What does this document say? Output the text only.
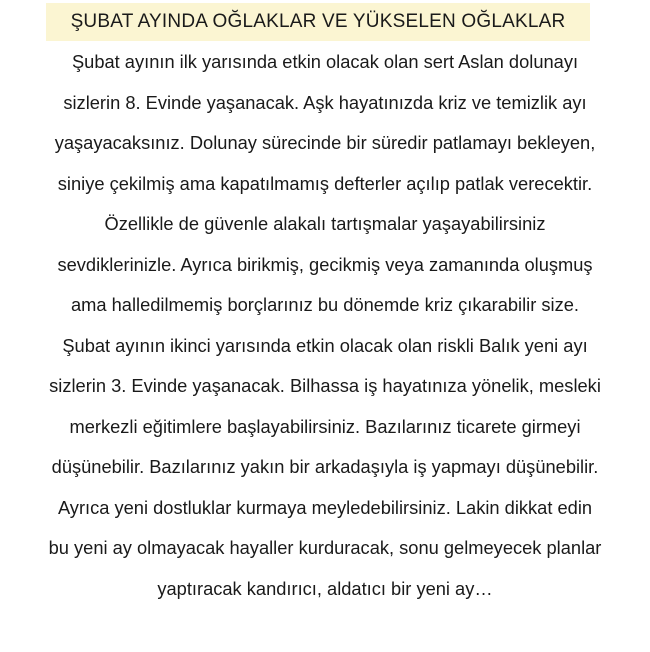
ŞUBAT AYINDA OĞLAKLAR VE YÜKSELEN OĞLAKLAR
Şubat ayının ilk yarısında etkin olacak olan sert Aslan dolunayı
sizlerin 8. Evinde yaşanacak. Aşk hayatınızda kriz ve temizlik ayı
yaşayacaksınız. Dolunay sürecinde bir süredir patlamayı bekleyen,
siniye çekilmiş ama kapatılmamış defterler açılıp patlak verecektir.
Özellikle de güvenle alakalı tartışmalar yaşayabilirsiniz
sevdiklerinizle. Ayrıca birikmiş, gecikmiş veya zamanında oluşmuş
ama halledilmemiş borçlarınız bu dönemde kriz çıkarabilir size.
Şubat ayının ikinci yarısında etkin olacak olan riskli Balık yeni ayı
sizlerin 3. Evinde yaşanacak. Bilhassa iş hayatınıza yönelik, mesleki
merkezli eğitimlere başlayabilirsiniz. Bazılarınız ticarete girmeyi
düşünebilir. Bazılarınız yakın bir arkadaşıyla iş yapmayı düşünebilir.
Ayrıca yeni dostluklar kurmaya meyledebilirsiniz. Lakin dikkat edin
bu yeni ay olmayacak hayaller kurduracak, sonu gelmeyecek planlar
yaptıracak kandırıcı, aldatıcı bir yeni ay…
